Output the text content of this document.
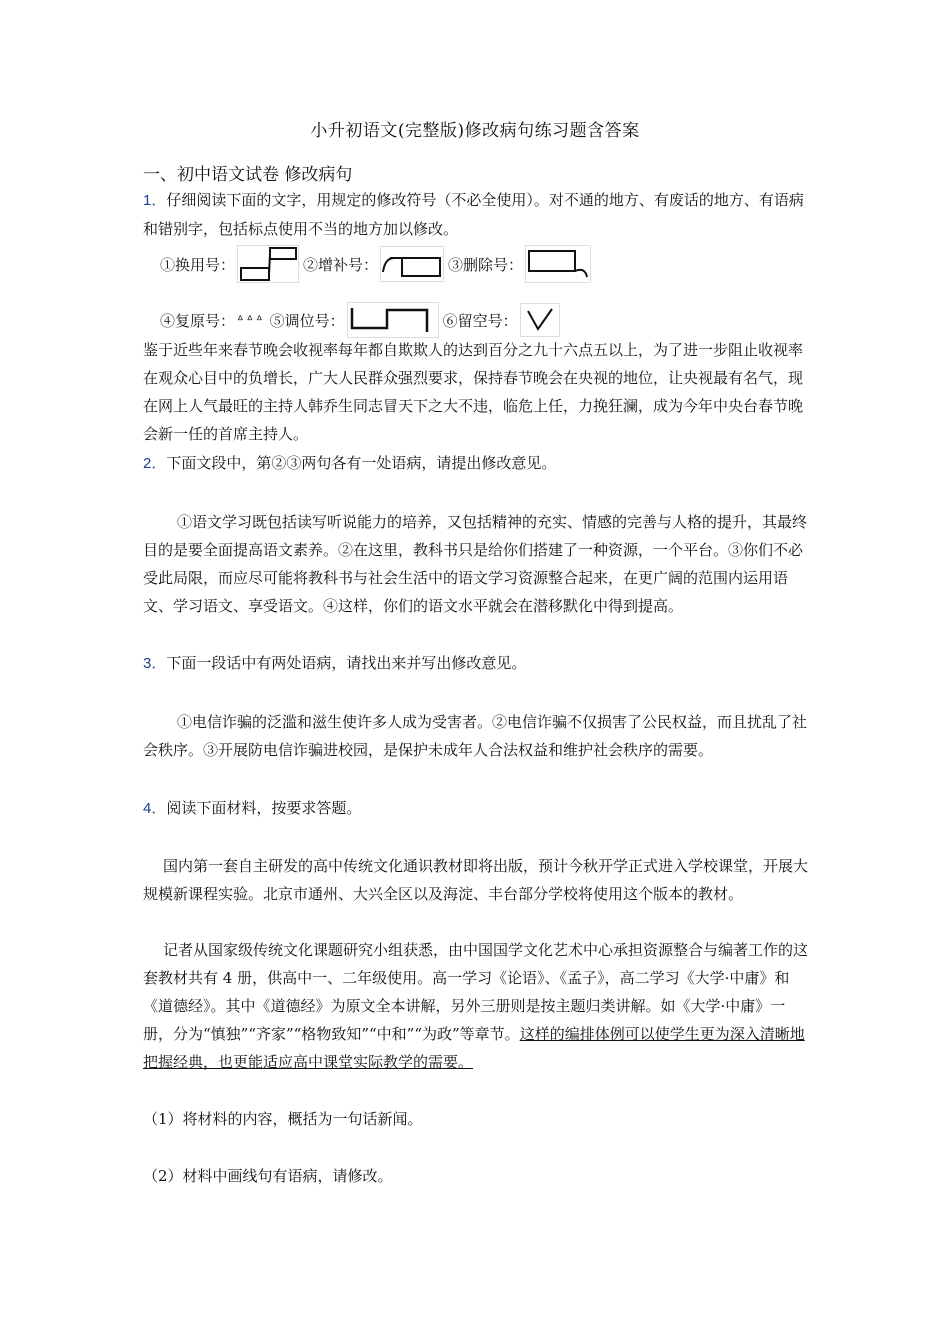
小升初语文(完整版)修改病句练习题含答案
一、初中语文试卷 修改病句
1．仔细阅读下面的文字，用规定的修改符号（不必全使用）。对不通的地方、有废话的地方、有语病和错别字，包括标点使用不当的地方加以修改。
①换用号：	②增补号：	③删除号：
④复原号： ᐞᐞᐞ ⑤调位号：	⑥留空号：
鉴于近些年来春节晚会收视率每年都自欺欺人的达到百分之九十六点五以上，为了进一步阻止收视率在观众心目中的负增长，广大人民群众强烈要求，保持春节晚会在央视的地位，让央视最有名气，现在网上人气最旺的主持人韩乔生同志冒天下之大不违，临危上任，力挽狂澜，成为今年中央台春节晚会新一任的首席主持人。
2．下面文段中，第②③两句各有一处语病，请提出修改意见。
①语文学习既包括读写听说能力的培养，又包括精神的充实、情感的完善与人格的提升，其最终目的是要全面提高语文素养。②在这里，教科书只是给你们搭建了一种资源，一个平台。③你们不必受此局限，而应尽可能将教科书与社会生活中的语文学习资源整合起来，在更广阔的范围内运用语文、学习语文、享受语文。④这样，你们的语文水平就会在潜移默化中得到提高。
3．下面一段话中有两处语病，请找出来并写出修改意见。
①电信诈骗的泛滥和滋生使许多人成为受害者。②电信诈骗不仅损害了公民权益，而且扰乱了社会秩序。③开展防电信诈骗进校园，是保护未成年人合法权益和维护社会秩序的需要。
4．阅读下面材料，按要求答题。
国内第一套自主研发的高中传统文化通识教材即将出版，预计今秋开学正式进入学校课堂，开展大规模新课程实验。北京市通州、大兴全区以及海淀、丰台部分学校将使用这个版本的教材。
记者从国家级传统文化课题研究小组获悉，由中国国学文化艺术中心承担资源整合与编著工作的这套教材共有 4 册，供高中一、二年级使用。高一学习《论语》、《孟子》，高二学习《大学·中庸》和《道德经》。其中《道德经》为原文全本讲解，另外三册则是按主题归类讲解。如《大学·中庸》一册，分为“慎独”“齐家”“格物致知”“中和”“为政”等章节。这样的编排体例可以使学生更为深入清晰地把握经典，也更能适应高中课堂实际教学的需要。
（1）将材料的内容，概括为一句话新闻。
（2）材料中画线句有语病，请修改。
